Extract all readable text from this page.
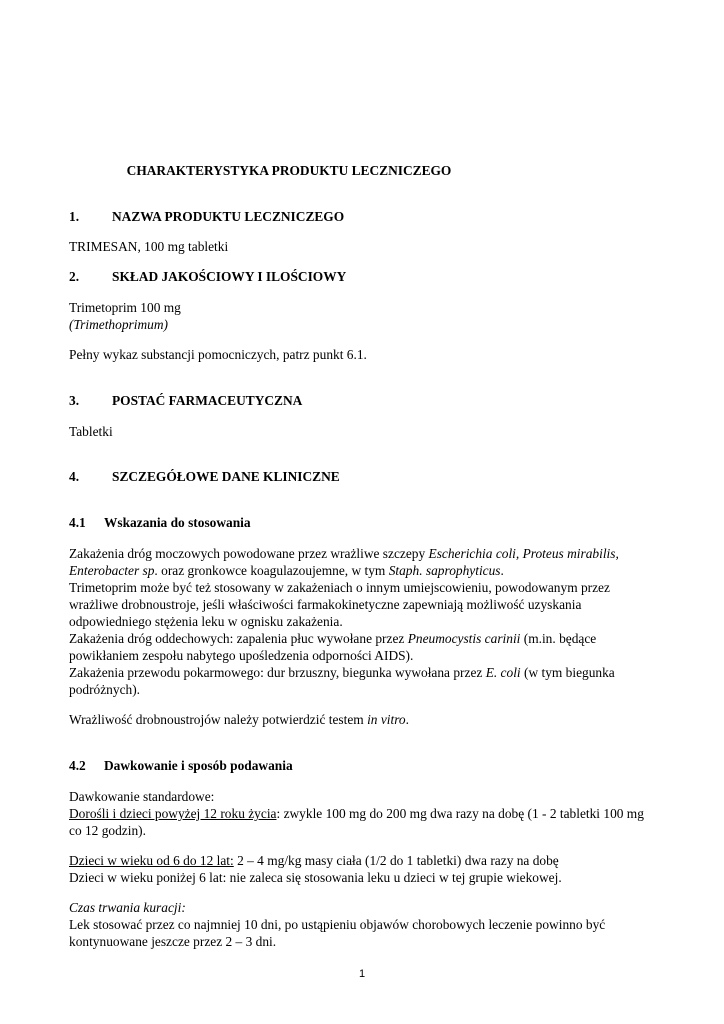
CHARAKTERYSTYKA PRODUKTU LECZNICZEGO
1. NAZWA PRODUKTU LECZNICZEGO
TRIMESAN, 100 mg tabletki
2. SKŁAD JAKOŚCIOWY I ILOŚCIOWY
Trimetoprim 100 mg
(Trimethoprimum)
Pełny wykaz substancji pomocniczych, patrz punkt 6.1.
3. POSTAĆ FARMACEUTYCZNA
Tabletki
4. SZCZEGÓŁOWE DANE KLINICZNE
4.1 Wskazania do stosowania
Zakażenia dróg moczowych powodowane przez wrażliwe szczepy Escherichia coli, Proteus mirabilis,
Enterobacter sp. oraz gronkowce koagulazoujemne, w tym Staph. saprophyticus.
Trimetoprim może być też stosowany w zakażeniach o innym umiejscowieniu, powodowanym przez
wrażliwe drobnoustroje, jeśli właściwości farmakokinetyczne zapewniają możliwość uzyskania
odpowiedniego stężenia leku w ognisku zakażenia.
Zakażenia dróg oddechowych: zapalenia płuc wywołane przez Pneumocystis carinii (m.in. będące
powikłaniem zespołu nabytego upośledzenia odporności AIDS).
Zakażenia przewodu pokarmowego: dur brzuszny, biegunka wywołana przez E. coli (w tym biegunka
podróżnych).
Wrażliwość drobnoustrojów należy potwierdzić testem in vitro.
4.2 Dawkowanie i sposób podawania
Dawkowanie standardowe:
Dorośli i dzieci powyżej 12 roku życia: zwykle 100 mg do 200 mg dwa razy na dobę (1 - 2 tabletki 100 mg
co 12 godzin).
Dzieci w wieku od 6 do 12 lat: 2 – 4 mg/kg masy ciała (1/2 do 1 tabletki) dwa razy na dobę
Dzieci w wieku poniżej 6 lat: nie zaleca się stosowania leku u dzieci w tej grupie wiekowej.
Czas trwania kuracji:
Lek stosować przez co najmniej 10 dni, po ustąpieniu objawów chorobowych leczenie powinno być
kontynuowane jeszcze przez 2 – 3 dni.
1
